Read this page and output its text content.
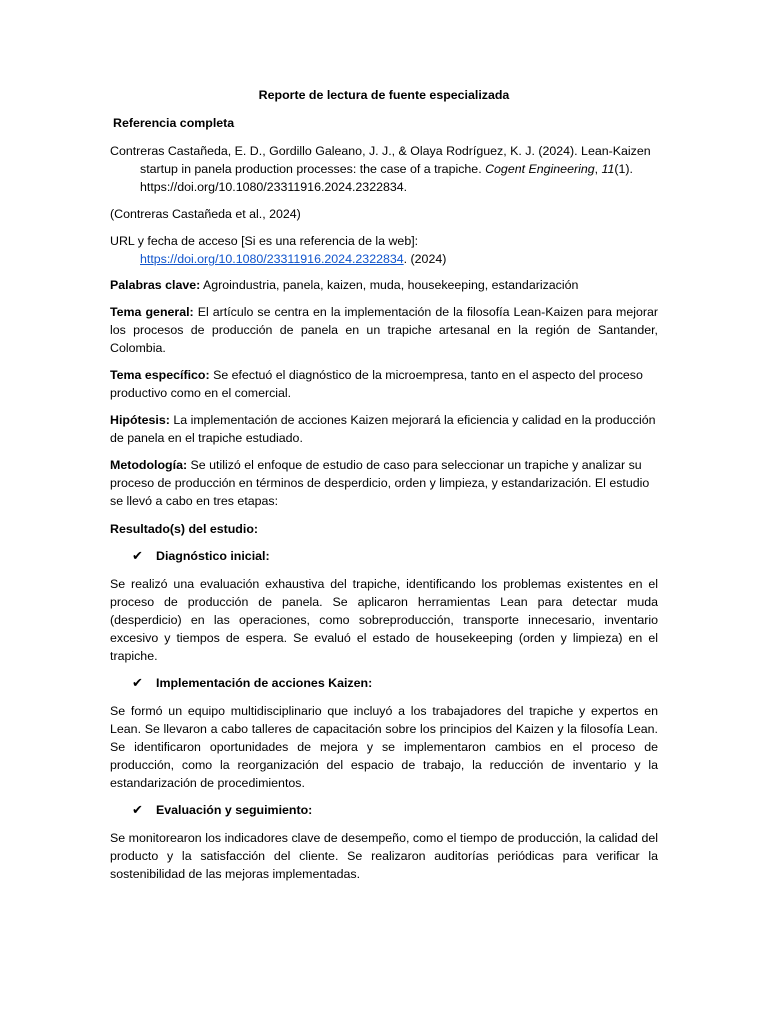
Reporte de lectura de fuente especializada

Referencia completa

Contreras Castañeda, E. D., Gordillo Galeano, J. J., & Olaya Rodríguez, K. J. (2024). Lean-Kaizen startup in panela production processes: the case of a trapiche. Cogent Engineering, 11(1). https://doi.org/10.1080/23311916.2024.2322834.

(Contreras Castañeda et al., 2024)

URL y fecha de acceso [Si es una referencia de la web]:
https://doi.org/10.1080/23311916.2024.2322834. (2024)

Palabras clave: Agroindustria, panela, kaizen, muda, housekeeping, estandarización

Tema general: El artículo se centra en la implementación de la filosofía Lean-Kaizen para mejorar los procesos de producción de panela en un trapiche artesanal en la región de Santander, Colombia.

Tema específico: Se efectuó el diagnóstico de la microempresa, tanto en el aspecto del proceso productivo como en el comercial.

Hipótesis: La implementación de acciones Kaizen mejorará la eficiencia y calidad en la producción de panela en el trapiche estudiado.

Metodología: Se utilizó el enfoque de estudio de caso para seleccionar un trapiche y analizar su proceso de producción en términos de desperdicio, orden y limpieza, y estandarización. El estudio se llevó a cabo en tres etapas:

Resultado(s) del estudio:

✔	Diagnóstico inicial:

Se realizó una evaluación exhaustiva del trapiche, identificando los problemas existentes en el proceso de producción de panela. Se aplicaron herramientas Lean para detectar muda (desperdicio) en las operaciones, como sobreproducción, transporte innecesario, inventario excesivo y tiempos de espera. Se evaluó el estado de housekeeping (orden y limpieza) en el trapiche.

✔	Implementación de acciones Kaizen:

Se formó un equipo multidisciplinario que incluyó a los trabajadores del trapiche y expertos en Lean. Se llevaron a cabo talleres de capacitación sobre los principios del Kaizen y la filosofía Lean. Se identificaron oportunidades de mejora y se implementaron cambios en el proceso de producción, como la reorganización del espacio de trabajo, la reducción de inventario y la estandarización de procedimientos.

✔	Evaluación y seguimiento:

Se monitorearon los indicadores clave de desempeño, como el tiempo de producción, la calidad del producto y la satisfacción del cliente. Se realizaron auditorías periódicas para verificar la sostenibilidad de las mejoras implementadas.
